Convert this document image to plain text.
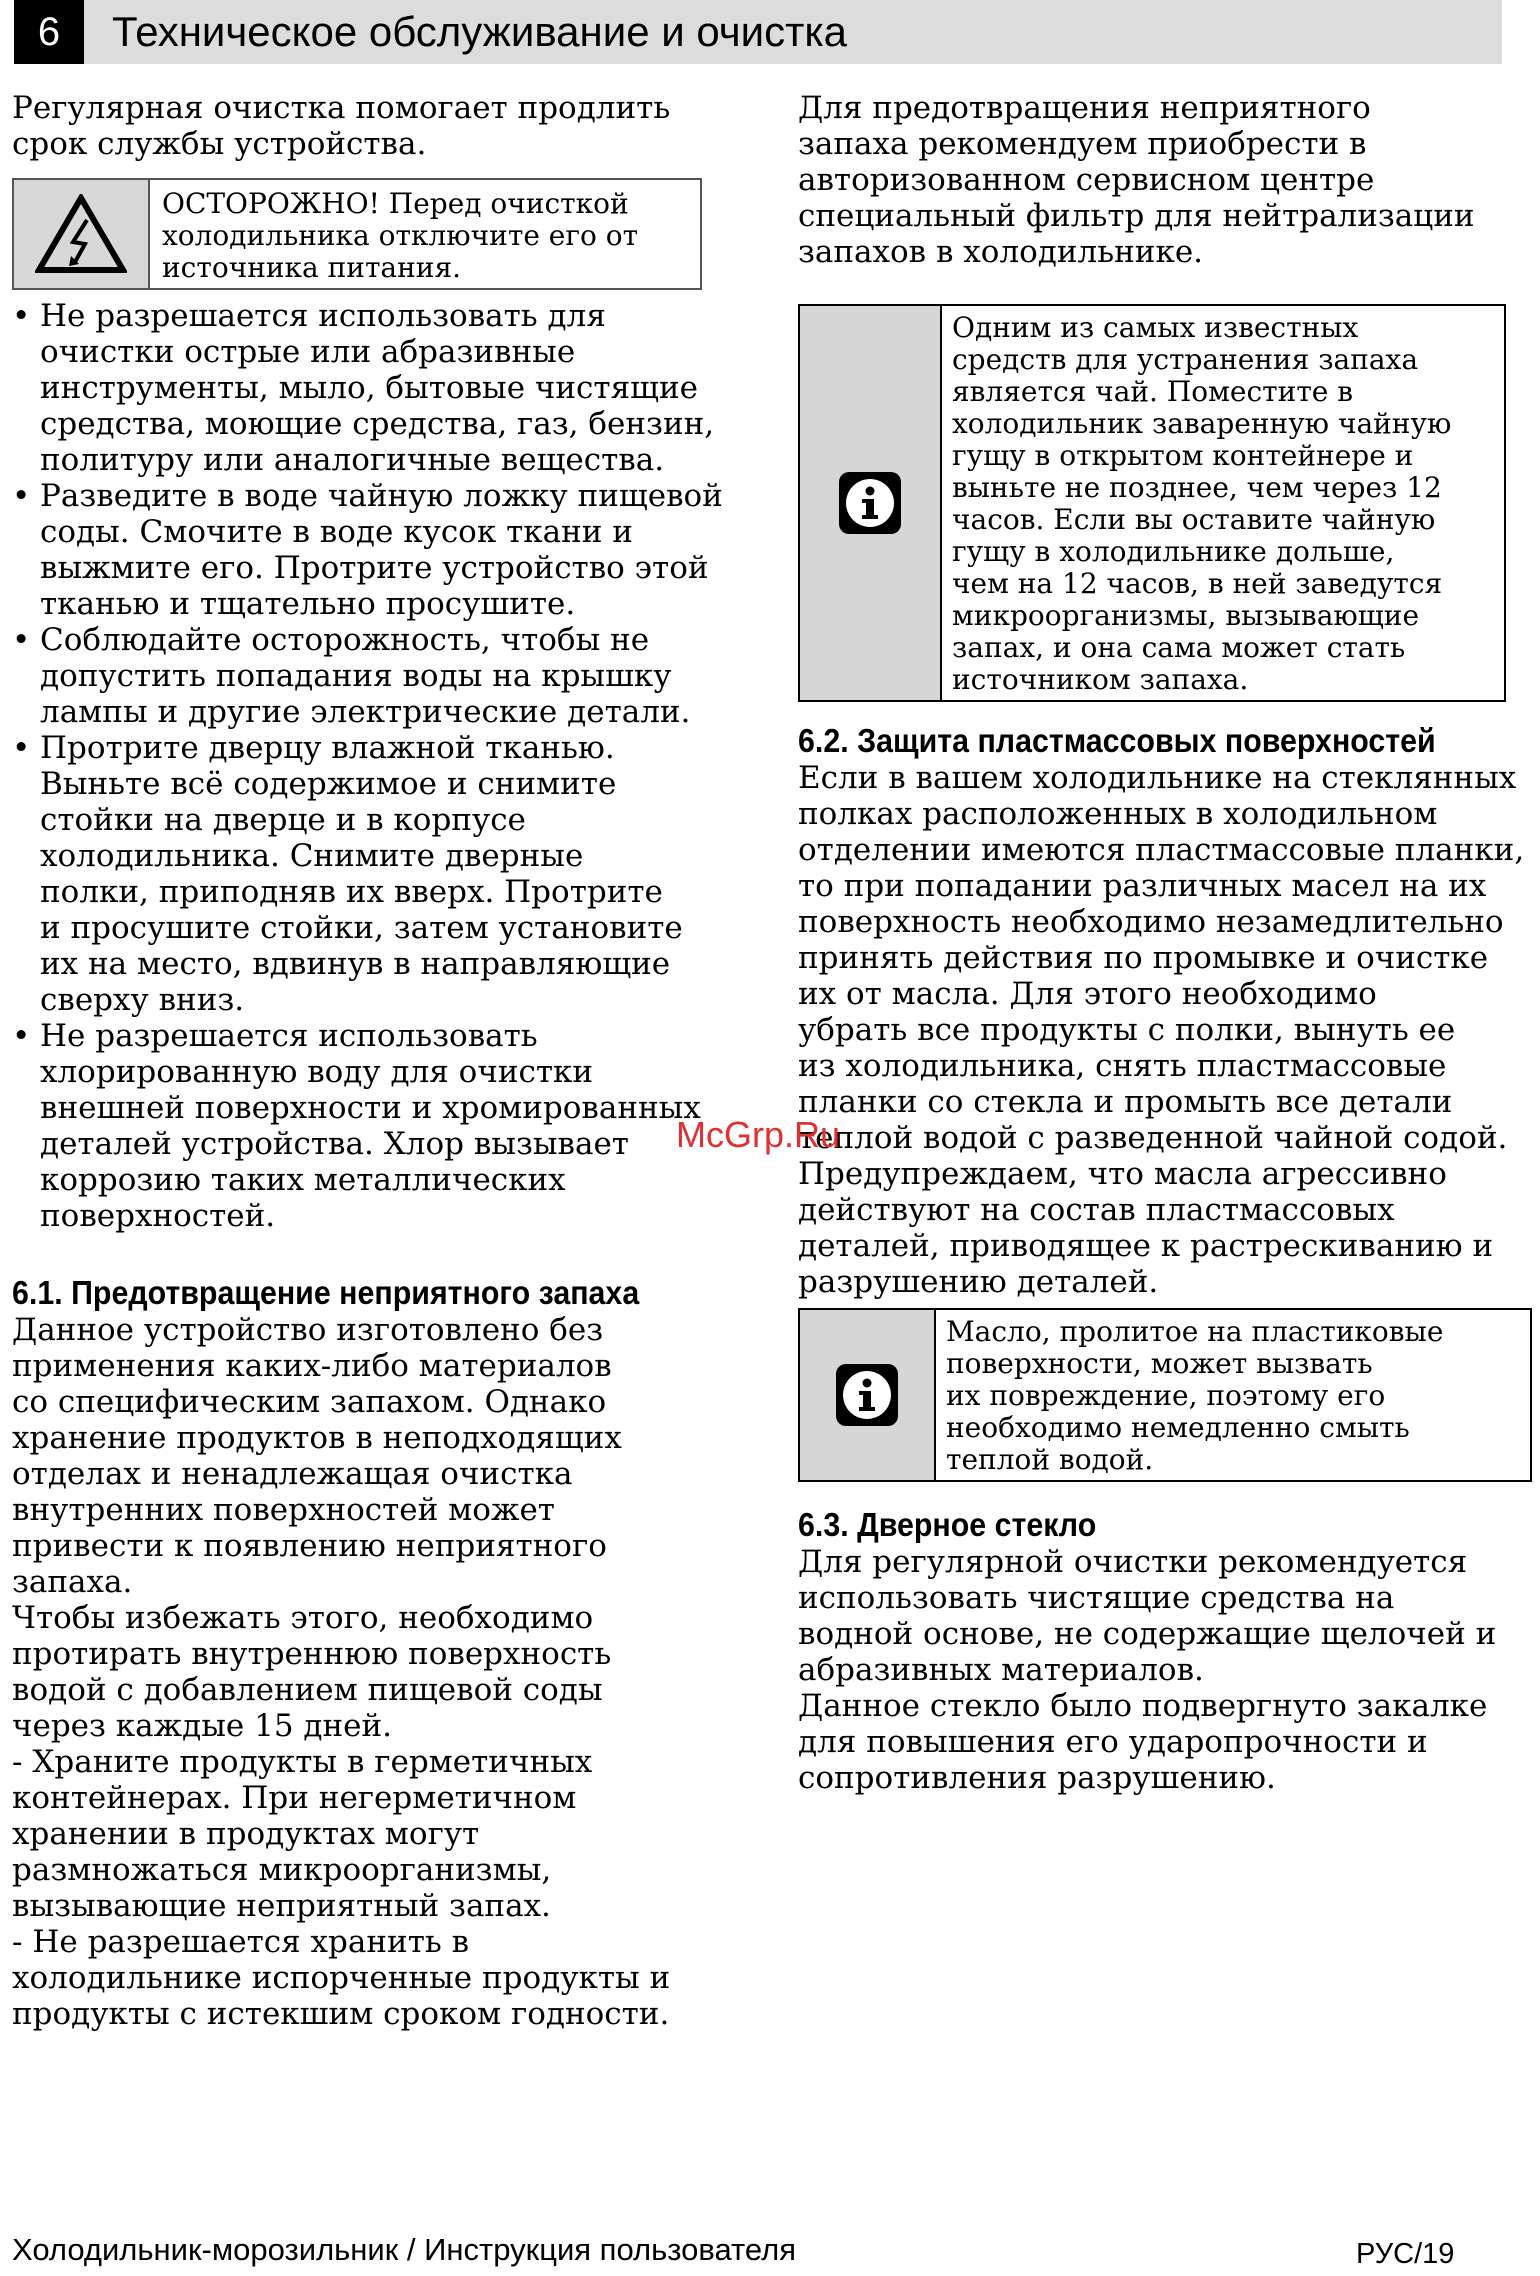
6	Техническое обслуживание и очистка

Регулярная очистка помогает продлить
срок службы устройства.

ОСТОРОЖНО! Перед очисткой
холодильника отключите его от
источника питания.

• Не разрешается использовать для
очистки острые или абразивные
инструменты, мыло, бытовые чистящие
средства, моющие средства, газ, бензин,
политуру или аналогичные вещества.
• Разведите в воде чайную ложку пищевой
соды. Смочите в воде кусок ткани и
выжмите его. Протрите устройство этой
тканью и тщательно просушите.
• Соблюдайте осторожность, чтобы не
допустить попадания воды на крышку
лампы и другие электрические детали.
• Протрите дверцу влажной тканью.
Выньте всё содержимое и снимите
стойки на дверце и в корпусе
холодильника. Снимите дверные
полки, приподняв их вверх. Протрите
и просушите стойки, затем установите
их на место, вдвинув в направляющие
сверху вниз.
• Не разрешается использовать
хлорированную воду для очистки
внешней поверхности и хромированных
деталей устройства. Хлор вызывает
коррозию таких металлических
поверхностей.

6.1. Предотвращение неприятного запаха

Данное устройство изготовлено без
применения каких-либо материалов
со специфическим запахом. Однако
хранение продуктов в неподходящих
отделах и ненадлежащая очистка
внутренних поверхностей может
привести к появлению неприятного
запаха.
Чтобы избежать этого, необходимо
протирать внутреннюю поверхность
водой с добавлением пищевой соды
через каждые 15 дней.
- Храните продукты в герметичных
контейнерах. При негерметичном
хранении в продуктах могут
размножаться микроорганизмы,
вызывающие неприятный запах.
- Не разрешается хранить в
холодильнике испорченные продукты и
продукты с истекшим сроком годности.

Для предотвращения неприятного
запаха рекомендуем приобрести в
авторизованном сервисном центре
специальный фильтр для нейтрализации
запахов в холодильнике.

Одним из самых известных
средств для устранения запаха
является чай. Поместите в
холодильник заваренную чайную
гущу в открытом контейнере и
выньте не позднее, чем через 12
часов. Если вы оставите чайную
гущу в холодильнике дольше,
чем на 12 часов, в ней заведутся
микроорганизмы, вызывающие
запах, и она сама может стать
источником запаха.

6.2. Защита пластмассовых поверхностей

Если в вашем холодильнике на стеклянных
полках расположенных в холодильном
отделении имеются пластмассовые планки,
то при попадании различных масел на их
поверхность необходимо незамедлительно
принять действия по промывке и очистке
их от масла. Для этого необходимо
убрать все продукты с полки, вынуть ее
из холодильника, снять пластмассовые
планки со стекла и промыть все детали
теплой водой с разведенной чайной содой.
Предупреждаем, что масла агрессивно
действуют на состав пластмассовых
деталей, приводящее к растрескиванию и
разрушению деталей.

Масло, пролитое на пластиковые
поверхности, может вызвать
их повреждение, поэтому его
необходимо немедленно смыть
теплой водой.

6.3. Дверное стекло

Для регулярной очистки рекомендуется
использовать чистящие средства на
водной основе, не содержащие щелочей и
абразивных материалов.
Данное стекло было подвергнуто закалке
для повышения его ударопрочности и
сопротивления разрушению.

McGrp.Ru
Холодильник-морозильник / Инструкция пользователя	РУС/19
